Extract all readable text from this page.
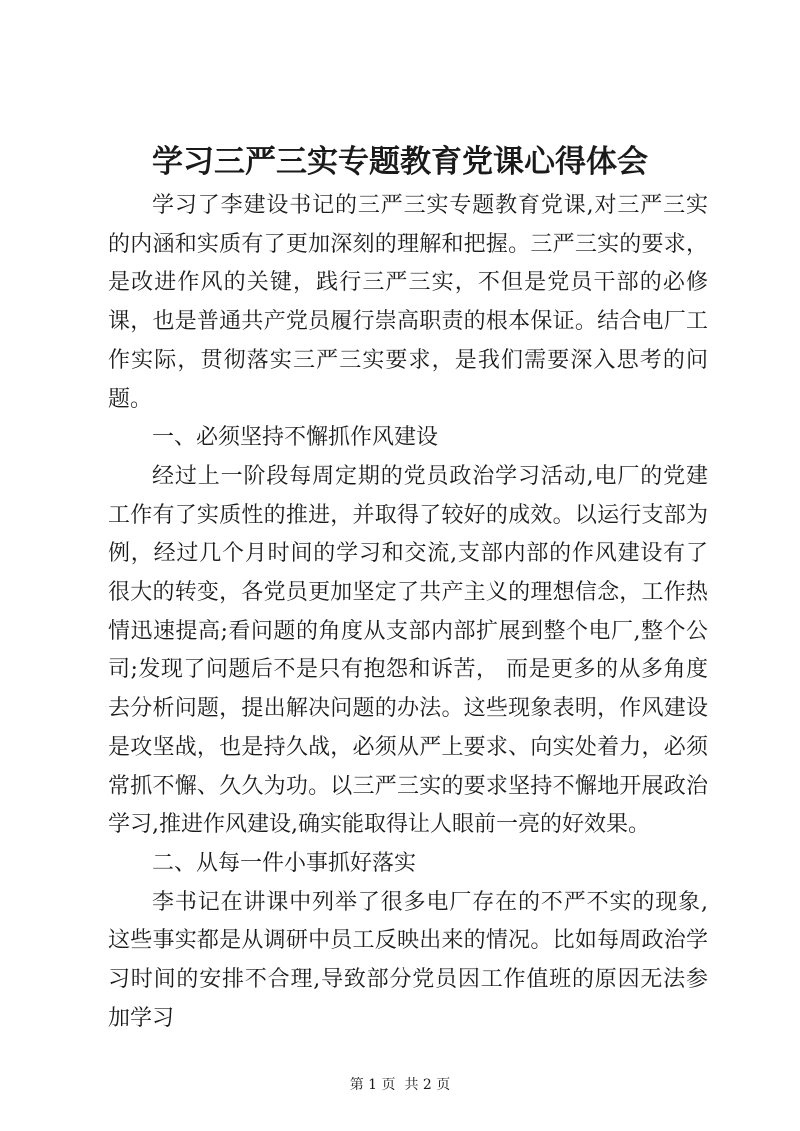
学习三严三实专题教育党课心得体会

学习了李建设书记的三严三实专题教育党课,对三严三实的内涵和实质有了更加深刻的理解和把握。三严三实的要求，是改进作风的关键，践行三严三实，不但是党员干部的必修课，也是普通共产党员履行崇高职责的根本保证。结合电厂工作实际，贯彻落实三严三实要求，是我们需要深入思考的问题。

一、必须坚持不懈抓作风建设

经过上一阶段每周定期的党员政治学习活动,电厂的党建工作有了实质性的推进，并取得了较好的成效。以运行支部为例，经过几个月时间的学习和交流,支部内部的作风建设有了很大的转变，各党员更加坚定了共产主义的理想信念，工作热情迅速提高;看问题的角度从支部内部扩展到整个电厂,整个公司;发现了问题后不是只有抱怨和诉苦， 而是更多的从多角度去分析问题，提出解决问题的办法。这些现象表明，作风建设是攻坚战，也是持久战，必须从严上要求、向实处着力，必须常抓不懈、久久为功。以三严三实的要求坚持不懈地开展政治学习,推进作风建设,确实能取得让人眼前一亮的好效果。

二、从每一件小事抓好落实

李书记在讲课中列举了很多电厂存在的不严不实的现象,这些事实都是从调研中员工反映出来的情况。比如每周政治学习时间的安排不合理,导致部分党员因工作值班的原因无法参加学习

第 1 页  共 2 页
